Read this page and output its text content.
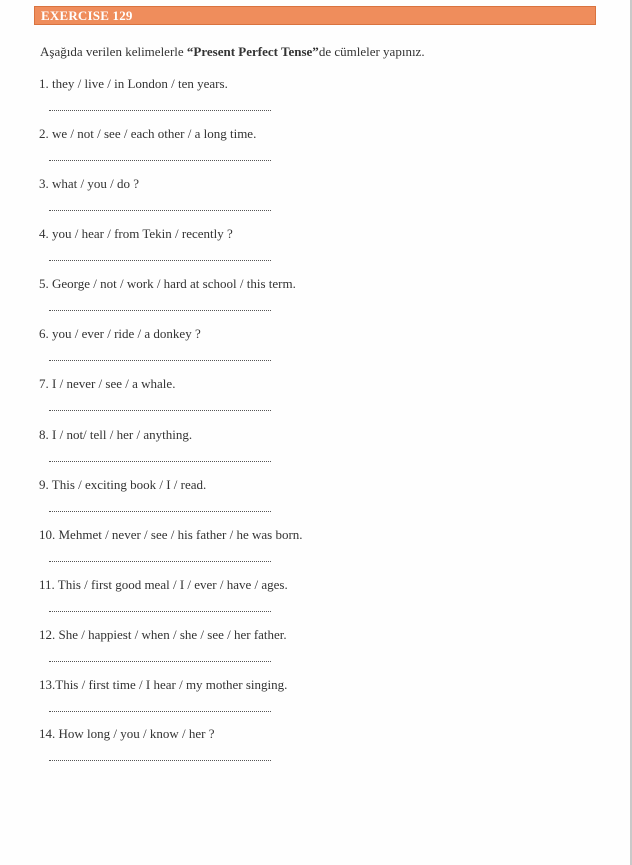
EXERCISE 129
Aşağıda verilen kelimelerle “Present Perfect Tense”de cümleler yapınız.
1. they / live / in London / ten years.
2. we / not / see / each other / a long time.
3. what / you / do ?
4. you / hear / from Tekin / recently ?
5. George / not / work / hard at school / this term.
6. you / ever / ride / a donkey ?
7. I / never / see / a whale.
8. I / not/ tell / her / anything.
9. This / exciting book / I / read.
10. Mehmet / never / see / his father / he was born.
11. This / first good meal / I / ever / have / ages.
12. She / happiest / when / she / see / her father.
13.This / first time / I hear / my mother singing.
14. How long / you / know / her ?
